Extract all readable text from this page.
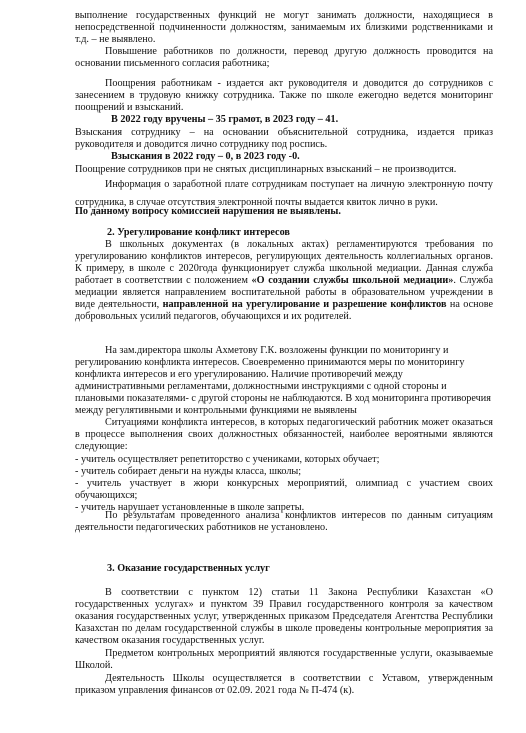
выполнение государственных функций не могут занимать должности, находящиеся в непосредственной подчиненности должностям, занимаемым их близкими родственниками и т.д. – не выявлено.

Повышение работников по должности, перевод другую должность проводится на основании письменного согласия работника;

Поощрения работникам - издается акт руководителя и доводится до сотрудников с занесением в трудовую книжку сотрудника. Также по школе ежегодно ведется мониторинг поощрений и взысканий.

В 2022 году вручены – 35 грамот, в 2023 году – 41.

Взыскания сотруднику – на основании объяснительной сотрудника, издается приказ руководителя и доводится лично сотруднику под роспись.

Взыскания в 2022 году – 0, в 2023 году -0.

Поощрение сотрудников при не снятых дисциплинарных взысканий – не производится.

Информация о заработной плате сотрудникам поступает на личную электронную почту сотрудника, в случае отсутствия электронной почты выдается квиток лично в руки.

По данному вопросу комиссией нарушения не выявлены.

2. Урегулирование конфликт интересов

В школьных документах (в локальных актах) регламентируются требования по урегулированию конфликтов интересов, регулирующих деятельность коллегиальных органов. К примеру, в школе с 2020года функционирует служба школьной медиации. Данная служба работает в соответствии с положением «О создании службы школьной медиации». Служба медиации является направлением воспитательной работы в образовательном учреждении в виде деятельности, направленной на урегулирование и разрешение конфликтов на основе добровольных усилий педагогов, обучающихся и их родителей.

На зам.директора школы Ахметову Г.К. возложены функции по мониторингу и регулированию конфликта интересов. Своевременно принимаются меры по мониторингу конфликта интересов и его урегулированию. Наличие противоречий между административными регламентами, должностными инструкциями с одной стороны и плановыми показателями- с другой стороны не наблюдаются. В ход мониторинга противоречия между регулятивными и контрольными функциями не выявлены

Ситуациями конфликта интересов, в которых педагогический работник может оказаться в процессе выполнения своих должностных обязанностей, наиболее вероятными являются следующие:

- учитель осуществляет репетиторство с учениками, которых обучает;
- учитель собирает деньги на нужды класса, школы;
- учитель участвует в жюри конкурсных мероприятий, олимпиад с участием своих обучающихся;
- учитель нарушает установленные в школе запреты.

По результатам проведенного анализа конфликтов интересов по данным ситуациям деятельности педагогических работников не установлено.

3. Оказание государственных услуг

В соответствии с пунктом 12) статьи 11 Закона Республики Казахстан «О государственных услугах» и пунктом 39 Правил государственного контроля за качеством оказания государственных услуг, утвержденных приказом Председателя Агентства Республики Казахстан по делам государственной службы в школе проведены контрольные мероприятия за качеством оказания государственных услуг.

Предметом контрольных мероприятий являются государственные услуги, оказываемые Школой.

Деятельность Школы осуществляется в соответствии с Уставом, утвержденным приказом управления финансов от 02.09. 2021 года № П-474 (к).
